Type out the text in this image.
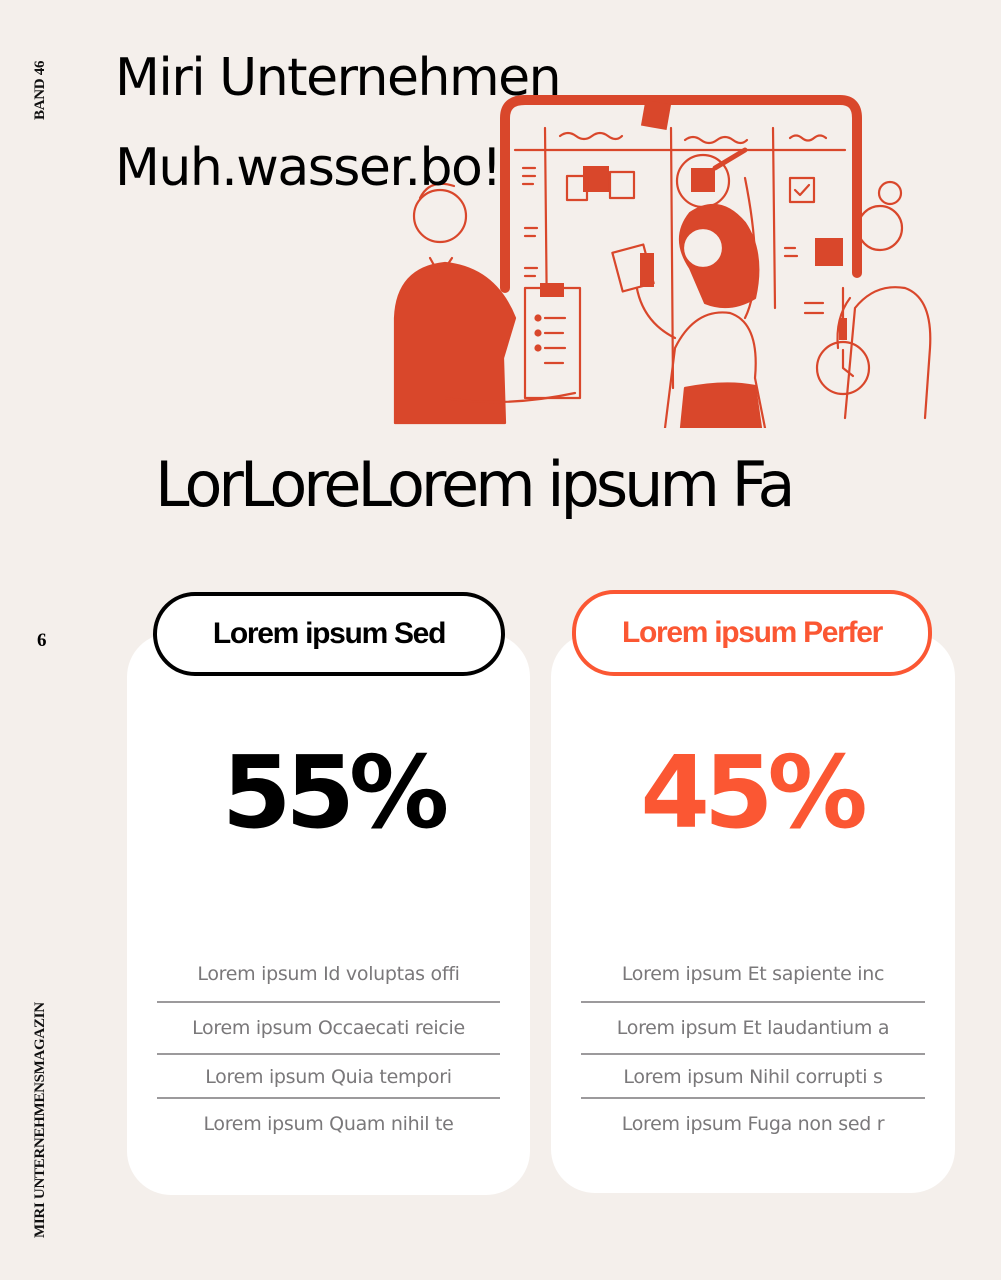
BAND 46
6
MIRI UNTERNEHMENSMAGAZIN
Miri Unternehmen
Muh.wasser.bo!
LorLoreLorem ipsum Fa
55%
Lorem ipsum Id voluptas offi
Lorem ipsum Occaecati reicie
Lorem ipsum Quia tempori
Lorem ipsum Quam nihil te
Lorem ipsum Sed
45%
Lorem ipsum Et sapiente inc
Lorem ipsum Et laudantium a
Lorem ipsum Nihil corrupti s
Lorem ipsum Fuga non sed r
Lorem ipsum Perfer
